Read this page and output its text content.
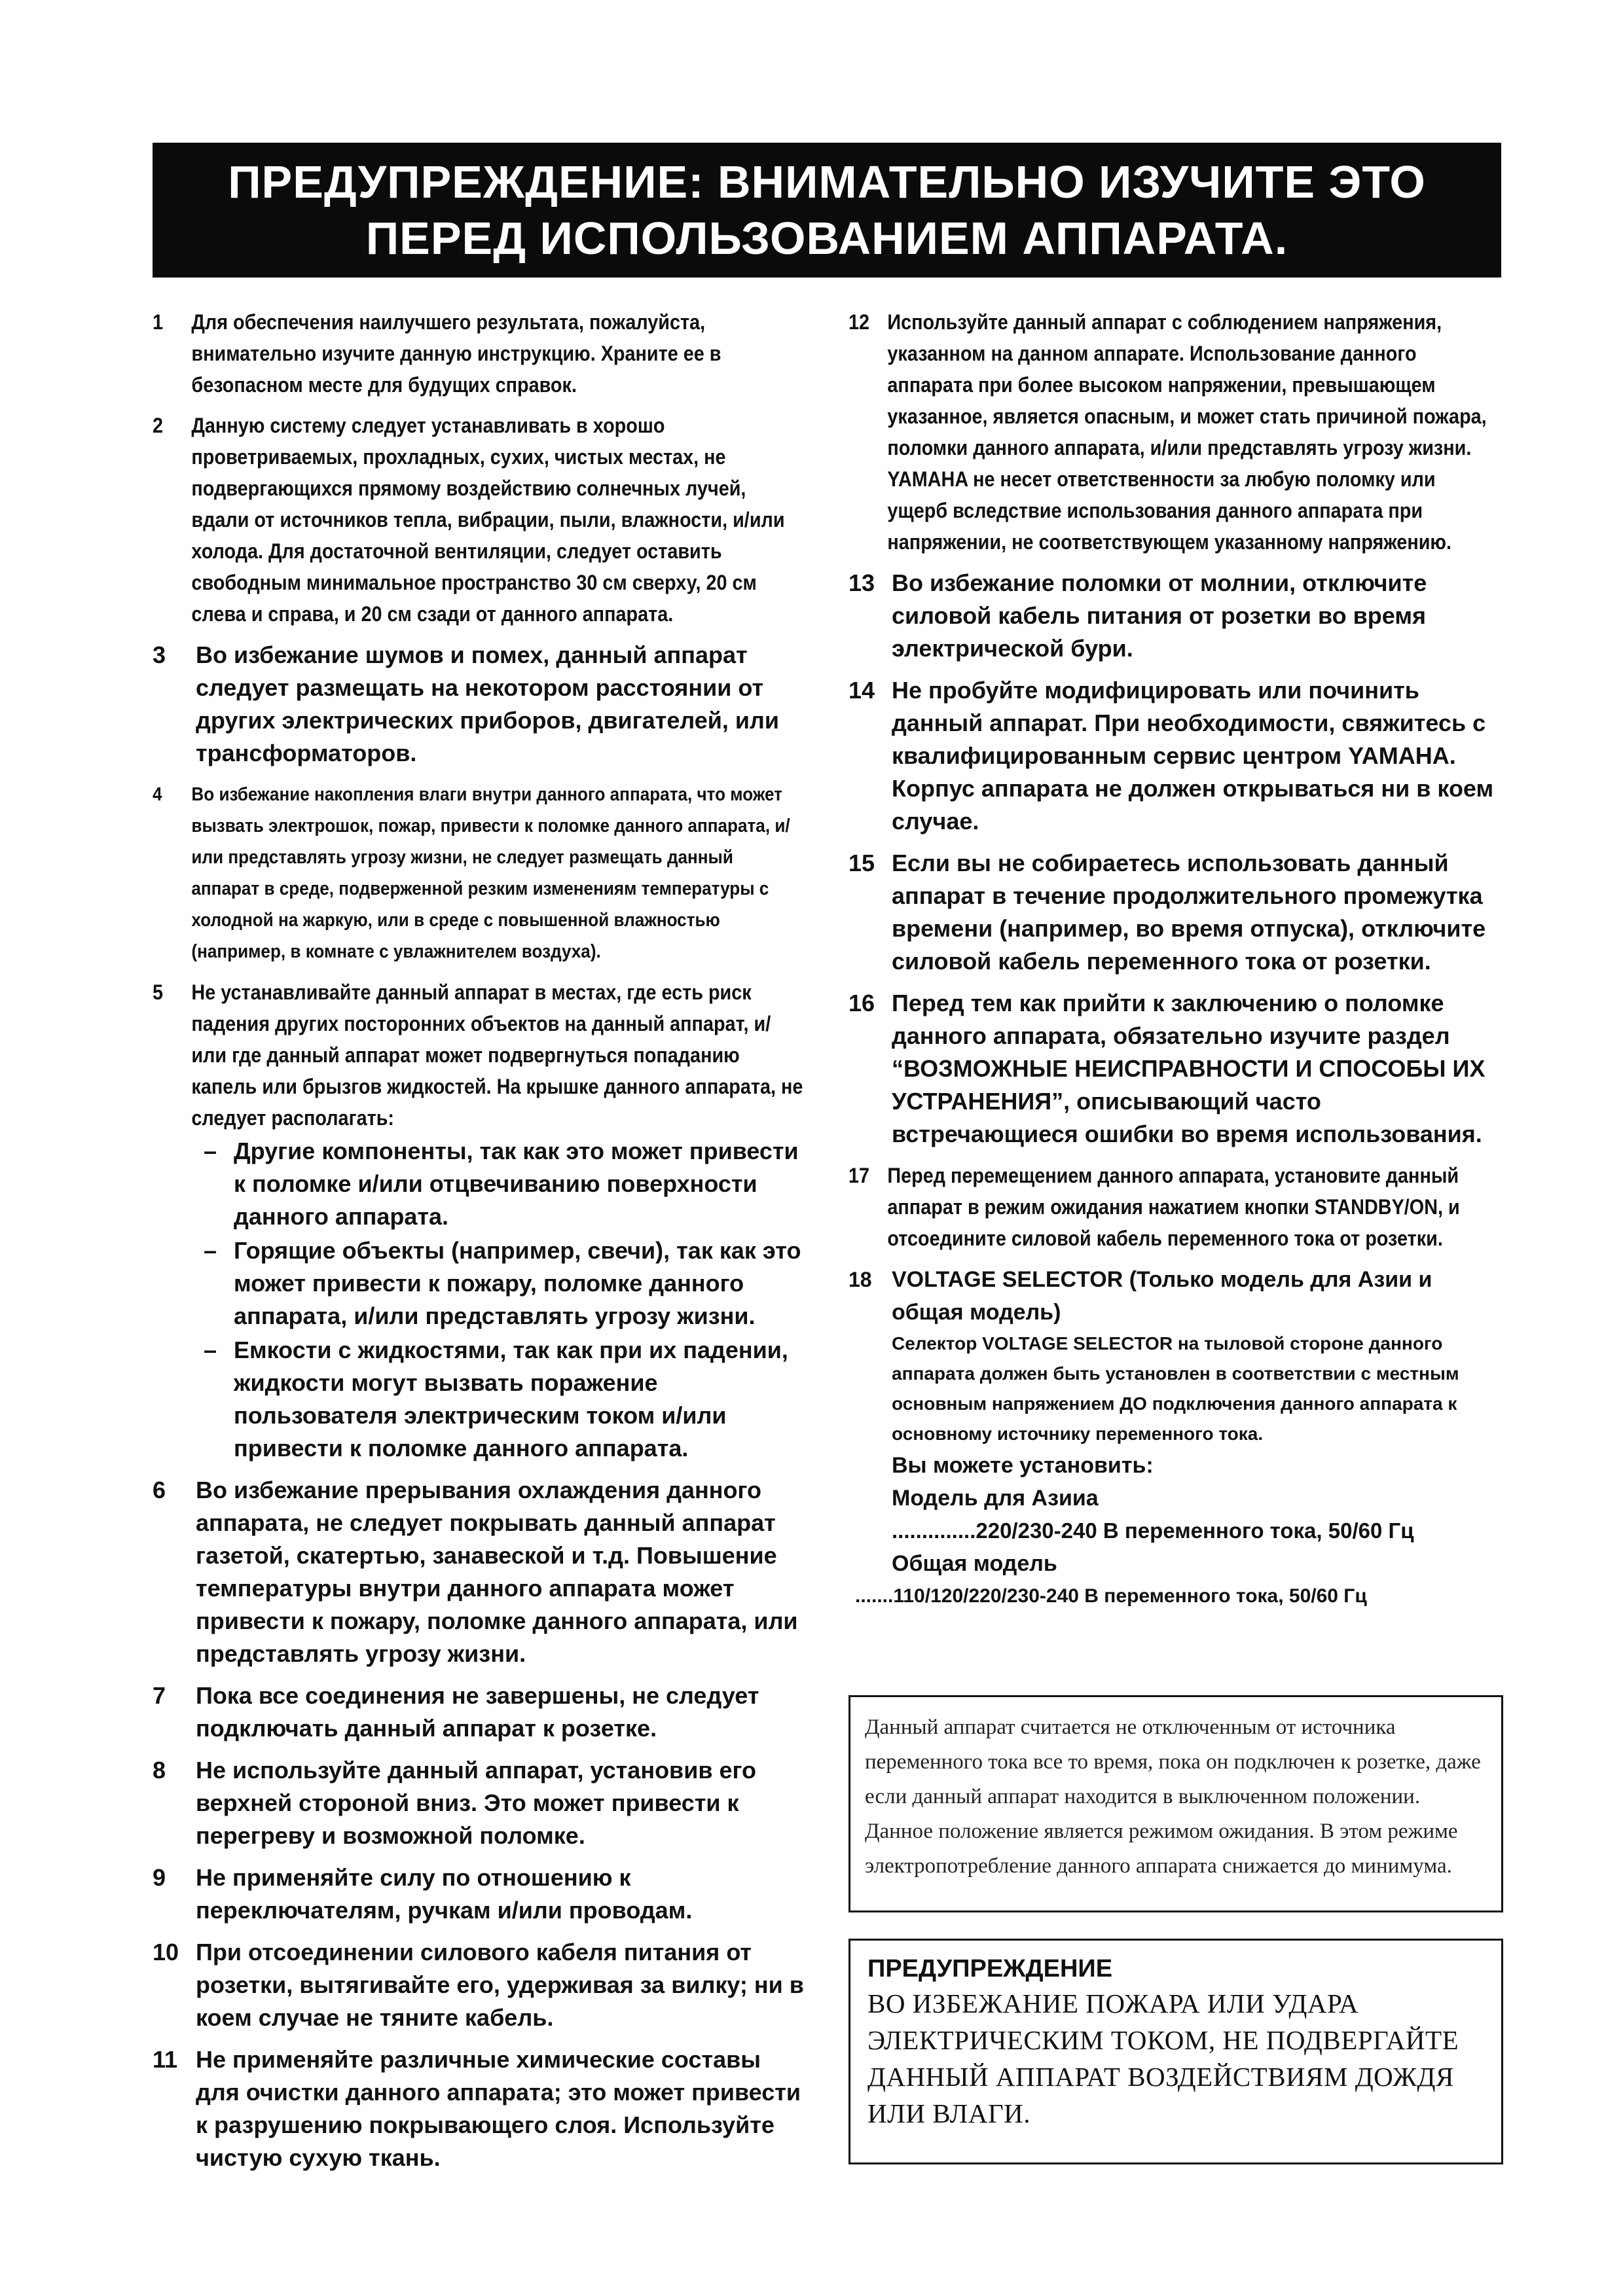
ПРЕДУПРЕЖДЕНИЕ: ВНИМАТЕЛЬНО ИЗУЧИТЕ ЭТО
ПЕРЕД ИСПОЛЬЗОВАНИЕМ АППАРАТА.
1 Для обеспечения наилучшего результата, пожалуйста, внимательно изучите данную инструкцию. Храните ее в безопасном месте для будущих справок.

2 Данную систему следует устанавливать в хорошо проветриваемых, прохладных, сухих, чистых местах, не подвергающихся прямому воздействию солнечных лучей, вдали от источников тепла, вибрации, пыли, влажности, и/или холода. Для достаточной вентиляции, следует оставить свободным минимальное пространство 30 см сверху, 20 см слева и справа, и 20 см сзади от данного аппарата.

3 Во избежание шумов и помех, данный аппарат следует размещать на некотором расстоянии от других электрических приборов, двигателей, или трансформаторов.

4 Во избежание накопления влаги внутри данного аппарата, что может вызвать электрошок, пожар, привести к поломке данного аппарата, и/или представлять угрозу жизни, не следует размещать данный аппарат в среде, подверженной резким изменениям температуры с холодной на жаркую, или в среде с повышенной влажностью (например, в комнате с увлажнителем воздуха).

5 Не устанавливайте данный аппарат в местах, где есть риск падения других посторонних объектов на данный аппарат, и/или где данный аппарат может подвергнуться попаданию капель или брызгов жидкостей. На крышке данного аппарата, не следует располагать:

– Другие компоненты, так как это может привести к поломке и/или отцвечиванию поверхности данного аппарата.
– Горящие объекты (например, свечи), так как это может привести к пожару, поломке данного аппарата, и/или представлять угрозу жизни.
– Емкости с жидкостями, так как при их падении, жидкости могут вызвать поражение пользователя электрическим током и/или привести к поломке данного аппарата.
6 Во избежание прерывания охлаждения данного аппарата, не следует покрывать данный аппарат газетой, скатертью, занавеской и т.д. Повышение температуры внутри данного аппарата может привести к пожару, поломке данного аппарата, или представлять угрозу жизни.

7 Пока все соединения не завершены, не следует подключать данный аппарат к розетке.

8 Не используйте данный аппарат, установив его верхней стороной вниз. Это может привести к перегреву и возможной поломке.

9 Не применяйте силу по отношению к переключателям, ручкам и/или проводам.

10 При отсоединении силового кабеля питания от розетки, вытягивайте его, удерживая за вилку; ни в коем случае не тяните кабель.

11 Не применяйте различные химические составы для очистки данного аппарата; это может привести к разрушению покрывающего слоя. Используйте чистую сухую ткань.

12 Используйте данный аппарат с соблюдением напряжения, указанном на данном аппарате. Использование данного аппарата при более высоком напряжении, превышающем указанное, является опасным, и может стать причиной пожара, поломки данного аппарата, и/или представлять угрозу жизни. YAMAHA не несет ответственности за любую поломку или ущерб вследствие использования данного аппарата при напряжении, не соответствующем указанному напряжению.

13 Во избежание поломки от молнии, отключите силовой кабель питания от розетки во время электрической бури.

14 Не пробуйте модифицировать или починить данный аппарат. При необходимости, свяжитесь с квалифицированным сервис центром YAMAHA. Корпус аппарата не должен открываться ни в коем случае.

15 Если вы не собираетесь использовать данный аппарат в течение продолжительного промежутка времени (например, во время отпуска), отключите силовой кабель переменного тока от розетки.

16 Перед тем как прийти к заключению о поломке данного аппарата, обязательно изучите раздел “ВОЗМОЖНЫЕ НЕИСПРАВНОСТИ И СПОСОБЫ ИХ УСТРАНЕНИЯ”, описывающий часто встречающиеся ошибки во время использования.

17 Перед перемещением данного аппарата, установите данный аппарат в режим ожидания нажатием кнопки STANDBY/ON, и отсоедините силовой кабель переменного тока от розетки.

18 VOLTAGE SELECTOR (Только модель для Азии и общая модель)

Селектор VOLTAGE SELECTOR на тыловой стороне данного аппарата должен быть установлен в соответствии с местным основным напряжением ДО подключения данного аппарата к основному источнику переменного тока.

Вы можете установить:

Модель для Азииа

..............220/230-240 В переменного тока, 50/60 Гц

Общая модель

.......110/120/220/230-240 В переменного тока, 50/60 Гц

Данный аппарат считается не отключенным от источника переменного тока все то время, пока он подключен к розетке, даже если данный аппарат находится в выключенном положении. Данное положение является режимом ожидания. В этом режиме электропотребление данного аппарата снижается до минимума.

ПРЕДУПРЕЖДЕНИЕ
ВО ИЗБЕЖАНИЕ ПОЖАРА ИЛИ УДАРА ЭЛЕКТРИЧЕСКИМ ТОКОМ, НЕ ПОДВЕРГАЙТЕ ДАННЫЙ АППАРАТ ВОЗДЕЙСТВИЯМ ДОЖДЯ ИЛИ ВЛАГИ.
